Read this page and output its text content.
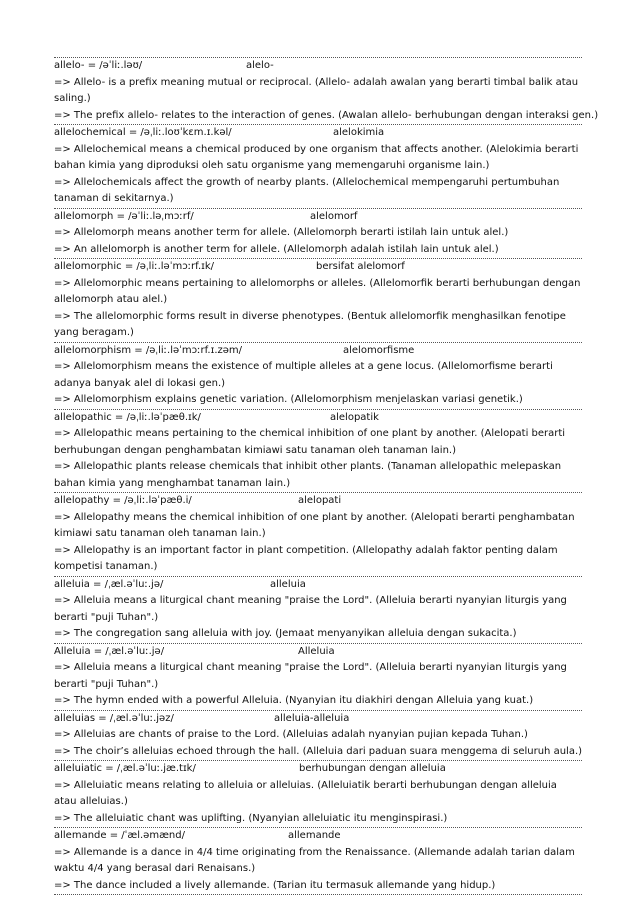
allelo- = /əˈliː.ləʊ/	alelo-
=> Allelo- is a prefix meaning mutual or reciprocal. (Allelo- adalah awalan yang berarti timbal balik atau saling.)
=> The prefix allelo- relates to the interaction of genes. (Awalan allelo- berhubungan dengan interaksi gen.)
allelochemical = /əˌliː.loʊˈkɛm.ɪ.kəl/	alelokimia
=> Allelochemical means a chemical produced by one organism that affects another. (Alelokimia berarti bahan kimia yang diproduksi oleh satu organisme yang memengaruhi organisme lain.)
=> Allelochemicals affect the growth of nearby plants. (Allelochemical mempengaruhi pertumbuhan tanaman di sekitarnya.)
allelomorph = /əˈliː.ləˌmɔːrf/	alelomorf
=> Allelomorph means another term for allele. (Allelomorph berarti istilah lain untuk alel.)
=> An allelomorph is another term for allele. (Allelomorph adalah istilah lain untuk alel.)
allelomorphic = /əˌliː.ləˈmɔːrf.ɪk/	bersifat alelomorf
=> Allelomorphic means pertaining to allelomorphs or alleles. (Allelomorfik berarti berhubungan dengan allelomorph atau alel.)
=> The allelomorphic forms result in diverse phenotypes. (Bentuk allelomorfik menghasilkan fenotipe yang beragam.)
allelomorphism = /əˌliː.ləˈmɔːrf.ɪ.zəm/	alelomorfisme
=> Allelomorphism means the existence of multiple alleles at a gene locus. (Allelomorfisme berarti adanya banyak alel di lokasi gen.)
=> Allelomorphism explains genetic variation. (Allelomorphism menjelaskan variasi genetik.)
allelopathic = /əˌliː.ləˈpæθ.ɪk/	alelopatik
=> Allelopathic means pertaining to the chemical inhibition of one plant by another. (Alelopati berarti berhubungan dengan penghambatan kimiawi satu tanaman oleh tanaman lain.)
=> Allelopathic plants release chemicals that inhibit other plants. (Tanaman allelopathic melepaskan bahan kimia yang menghambat tanaman lain.)
allelopathy = /əˌliː.ləˈpæθ.i/	alelopati
=> Allelopathy means the chemical inhibition of one plant by another. (Alelopati berarti penghambatan kimiawi satu tanaman oleh tanaman lain.)
=> Allelopathy is an important factor in plant competition. (Allelopathy adalah faktor penting dalam kompetisi tanaman.)
alleluia = /ˌæl.əˈluː.jə/	alleluia
=> Alleluia means a liturgical chant meaning "praise the Lord". (Alleluia berarti nyanyian liturgis yang berarti "puji Tuhan".)
=> The congregation sang alleluia with joy. (Jemaat menyanyikan alleluia dengan sukacita.)
Alleluia = /ˌæl.əˈluː.jə/	Alleluia
=> Alleluia means a liturgical chant meaning "praise the Lord". (Alleluia berarti nyanyian liturgis yang berarti "puji Tuhan".)
=> The hymn ended with a powerful Alleluia. (Nyanyian itu diakhiri dengan Alleluia yang kuat.)
alleluias = /ˌæl.əˈluː.jəz/	alleluia-alleluia
=> Alleluias are chants of praise to the Lord. (Alleluias adalah nyanyian pujian kepada Tuhan.)
=> The choir’s alleluias echoed through the hall. (Alleluia dari paduan suara menggema di seluruh aula.)
alleluiatic = /ˌæl.əˈluː.jæ.tɪk/	berhubungan dengan alleluia
=> Alleluiatic means relating to alleluia or alleluias. (Alleluiatik berarti berhubungan dengan alleluia atau alleluias.)
=> The alleluiatic chant was uplifting. (Nyanyian alleluiatic itu menginspirasi.)
allemande = /ˈæl.əmænd/	allemande
=> Allemande is a dance in 4/4 time originating from the Renaissance. (Allemande adalah tarian dalam waktu 4/4 yang berasal dari Renaisans.)
=> The dance included a lively allemande. (Tarian itu termasuk allemande yang hidup.)
